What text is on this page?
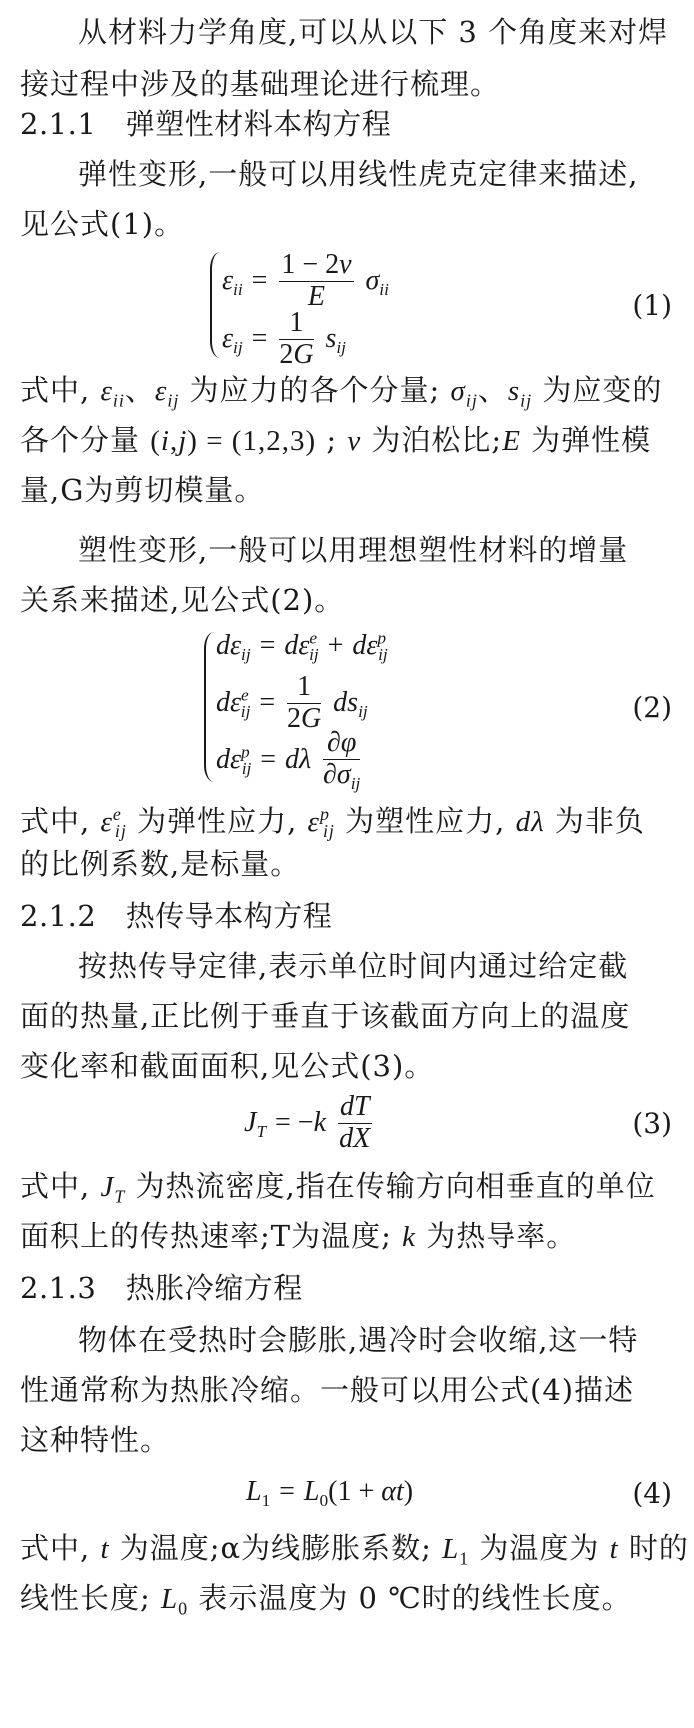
从材料力学角度,可以从以下 3 个角度来对焊
接过程中涉及的基础理论进行梳理。
2.1.1　弹塑性材料本构方程
弹性变形,一般可以用线性虎克定律来描述,
见公式(1)。
$\varepsilon_{ii} = \frac{1 - 2\nu}{E} \sigma_{ii}$
$\varepsilon_{ij} = \frac{1}{2G} s_{ij}$
(1)
式中, $\varepsilon_{ii}$、$\varepsilon_{ij}$ 为应力的各个分量; $\sigma_{ij}$、$s_{ij}$ 为应变的
各个分量 (i,j) = (1,2,3) ; ν 为泊松比;E 为弹性模
量,G为剪切模量。
塑性变形,一般可以用理想塑性材料的增量
关系来描述,见公式(2)。
$d\varepsilon_{ij} = d\varepsilon^e_{ij} + d\varepsilon^p_{ij}$
$d\varepsilon^e_{ij} = \frac{1}{2G} ds_{ij}$
$d\varepsilon^p_{ij} = d\lambda \frac{\partial\varphi}{\partial\sigma_{ij}}$
(2)
式中, $\varepsilon^e_{ij}$ 为弹性应力, $\varepsilon^p_{ij}$ 为塑性应力, dλ 为非负
的比例系数,是标量。
2.1.2　热传导本构方程
按热传导定律,表示单位时间内通过给定截
面的热量,正比例于垂直于该截面方向上的温度
变化率和截面面积,见公式(3)。
$J_T = -k \frac{dT}{dX}$	(3)
式中, $J_T$ 为热流密度,指在传输方向相垂直的单位
面积上的传热速率;T为温度; k 为热导率。
2.1.3　热胀冷缩方程
物体在受热时会膨胀,遇冷时会收缩,这一特
性通常称为热胀冷缩。一般可以用公式(4)描述
这种特性。
$L_1 = L_0(1 + \alpha t)$	(4)
式中, t 为温度;α为线膨胀系数; $L_1$ 为温度为 t 时的
线性长度; $L_0$ 表示温度为 0 ℃时的线性长度。
